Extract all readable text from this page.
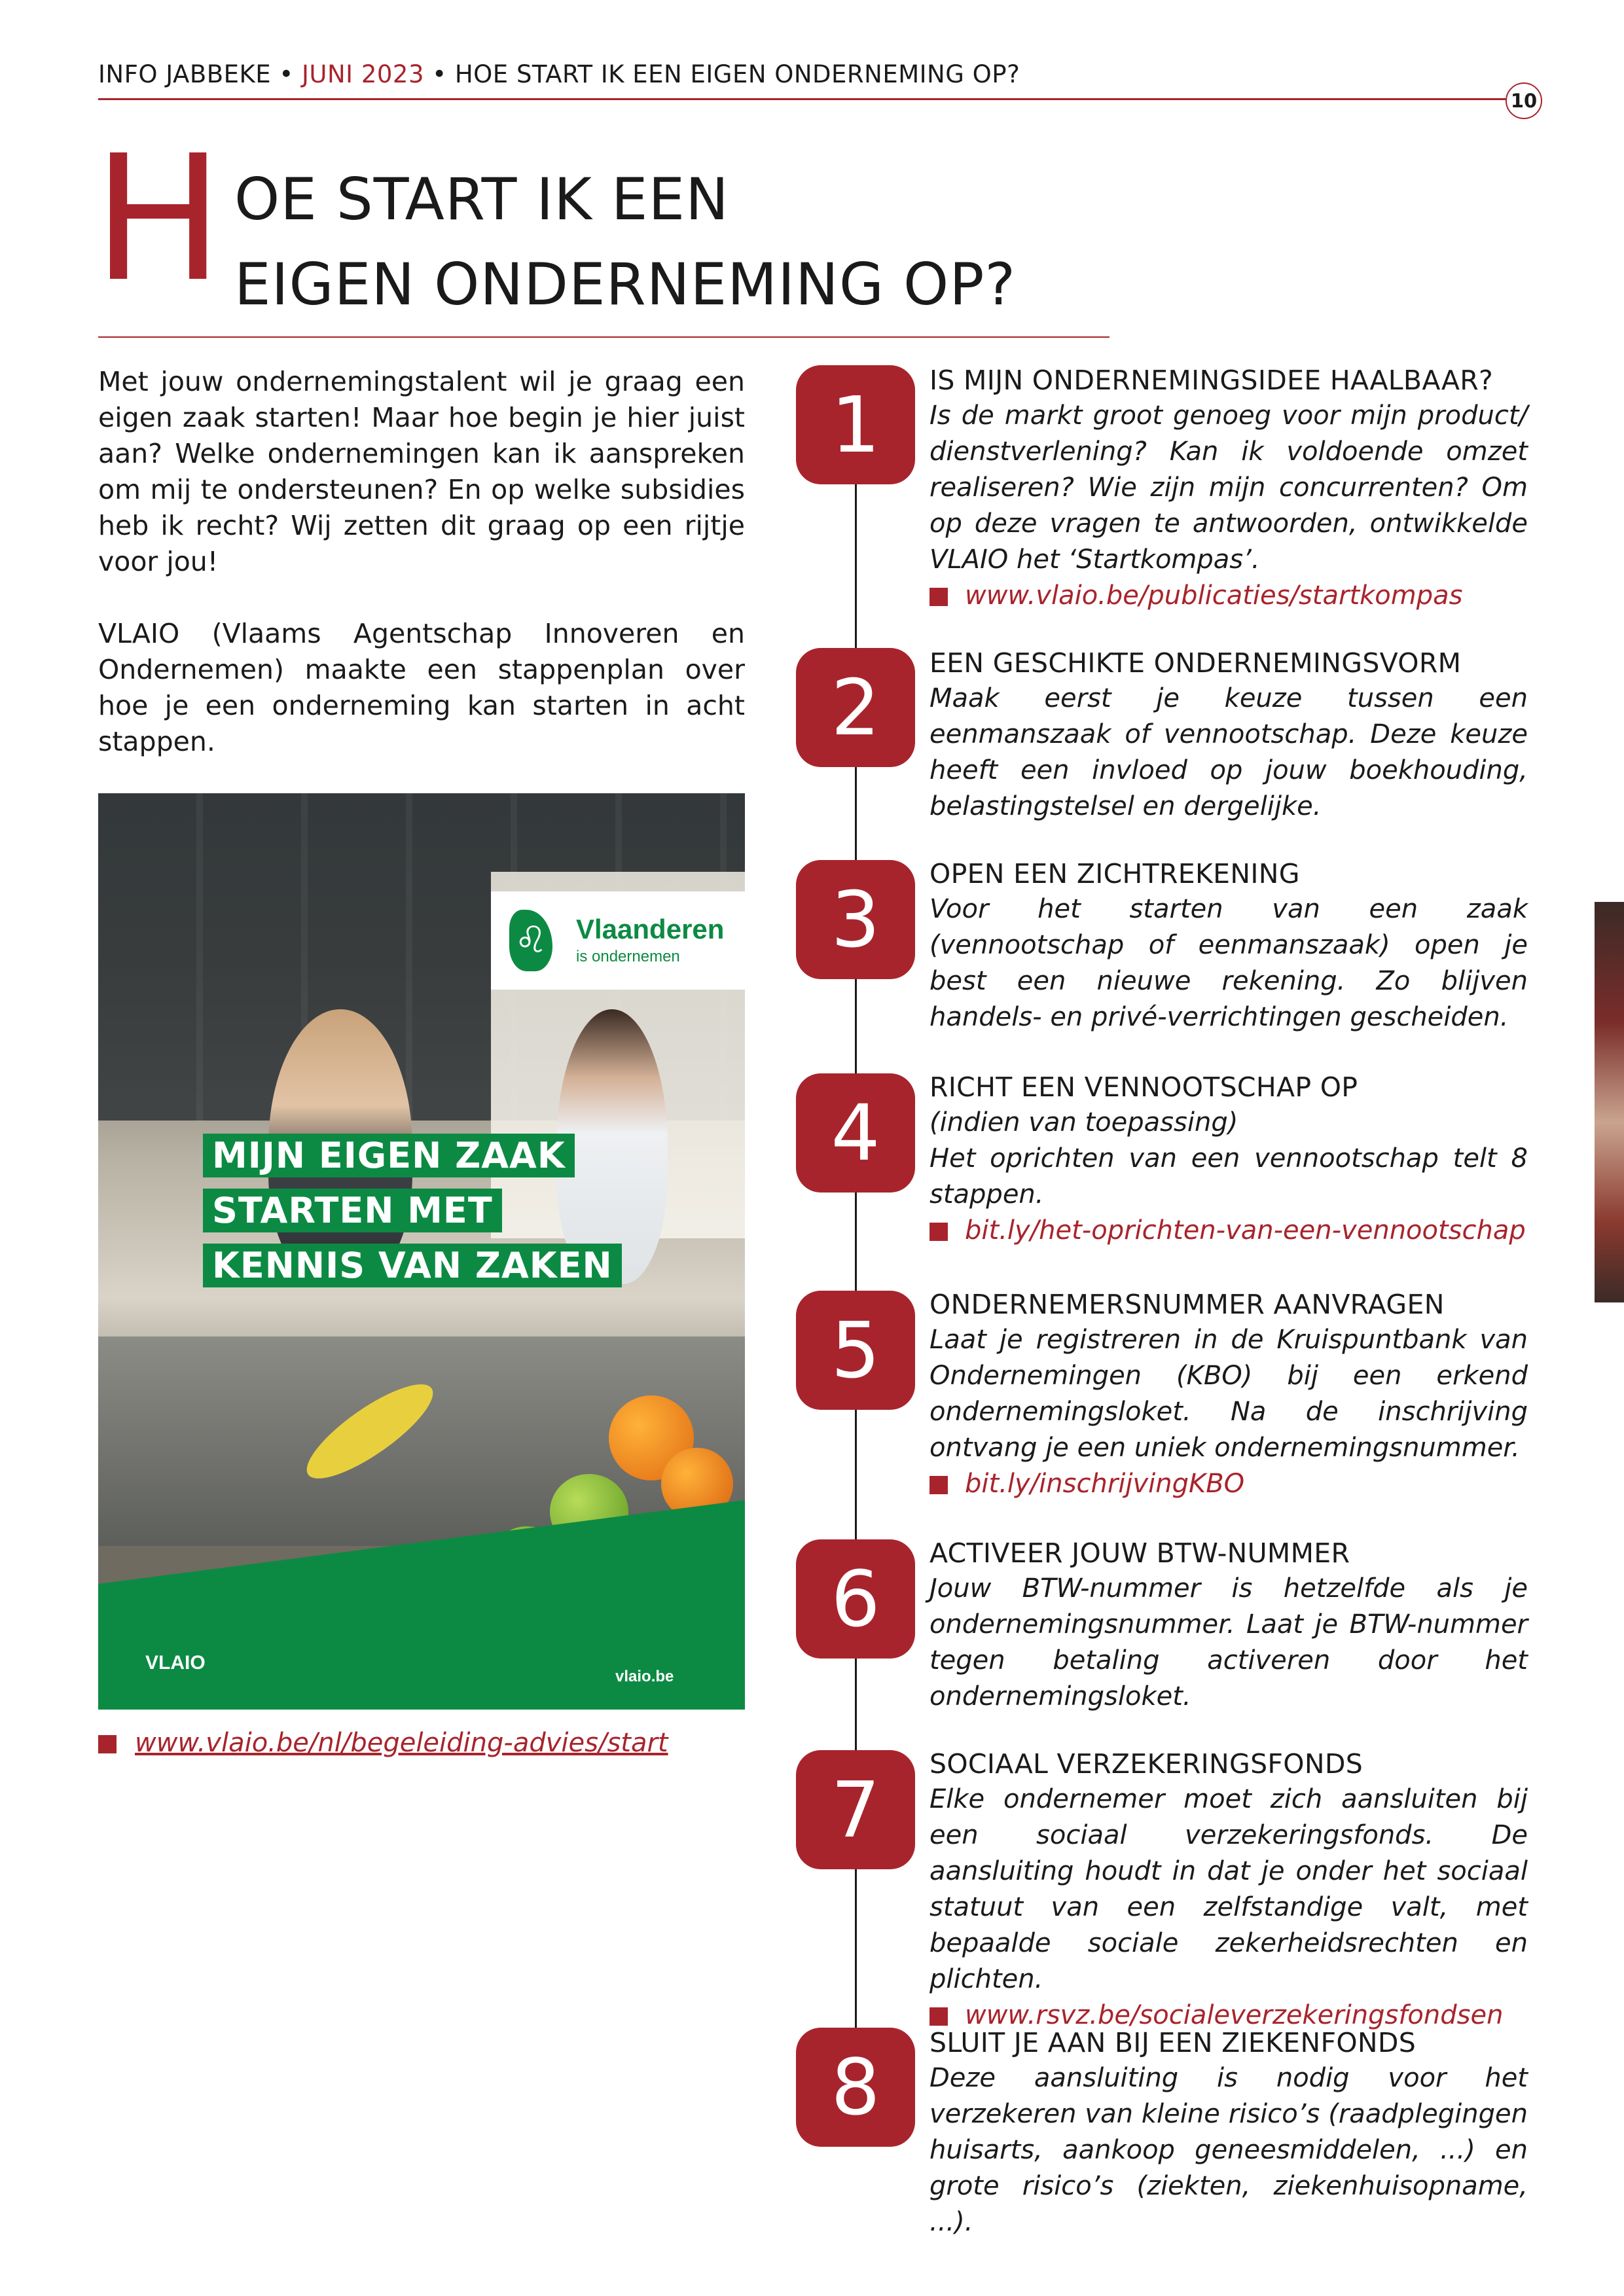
INFO JABBEKE • JUNI 2023 • HOE START IK EEN EIGEN ONDERNEMING OP?
10
H OE START IK EEN
EIGEN ONDERNEMING OP?

Met jouw ondernemingstalent wil je graag een eigen zaak starten! Maar hoe begin je hier juist aan? Welke ondernemingen kan ik aanspreken om mij te ondersteunen? En op welke subsidies heb ik recht? Wij zetten dit graag op een rijtje voor jou!

VLAIO (Vlaams Agentschap Innoveren en Ondernemen) maakte een stappenplan over hoe je een onderneming kan starten in acht stappen.

♌ Vlaanderen
is ondernemen
MIJN EIGEN ZAAK
STARTEN MET
KENNIS VAN ZAKEN
VLAIO
vlaio.be
www.vlaio.be/nl/begeleiding-advies/start
1	IS MIJN ONDERNEMINGSIDEE HAALBAAR?
Is de markt groot genoeg voor mijn product/ dienstverlening? Kan ik voldoende omzet realiseren? Wie zijn mijn concurrenten? Om op deze vragen te antwoorden, ontwikkelde VLAIO het ‘Startkompas’.
www.vlaio.be/publicaties/startkompas
2	EEN GESCHIKTE ONDERNEMINGSVORM
Maak eerst je keuze tussen een eenmanszaak of vennootschap. Deze keuze heeft een invloed op jouw boekhouding, belastingstelsel en dergelijke.
3
OPEN EEN ZICHTREKENING
Voor het starten van een zaak (vennootschap of eenmanszaak) open je best een nieuwe rekening. Zo blijven handels- en privé-verrichtingen gescheiden.
4
RICHT EEN VENNOOTSCHAP OP
(indien van toepassing)
Het oprichten van een vennootschap telt 8 stappen.
bit.ly/het-oprichten-van-een-vennootschap
5
ONDERNEMERSNUMMER AANVRAGEN
Laat je registreren in de Kruispuntbank van Ondernemingen (KBO) bij een erkend ondernemingsloket. Na de inschrijving ontvang je een uniek ondernemingsnummer.
bit.ly/inschrijvingKBO
6
ACTIVEER JOUW BTW-NUMMER
Jouw BTW-nummer is hetzelfde als je ondernemingsnummer. Laat je BTW-nummer tegen betaling activeren door het ondernemingsloket.
7
SOCIAAL VERZEKERINGSFONDS
Elke ondernemer moet zich aansluiten bij een sociaal verzekeringsfonds. De aansluiting houdt in dat je onder het sociaal statuut van een zelfstandige valt, met bepaalde sociale zekerheidsrechten en plichten.
www.rsvz.be/socialeverzekeringsfondsen
8	SLUIT JE AAN BIJ EEN ZIEKENFONDS
Deze aansluiting is nodig voor het verzekeren van kleine risico’s (raadplegingen huisarts, aankoop geneesmiddelen, ...) en grote risico’s (ziekten, ziekenhuisopname, ...).
